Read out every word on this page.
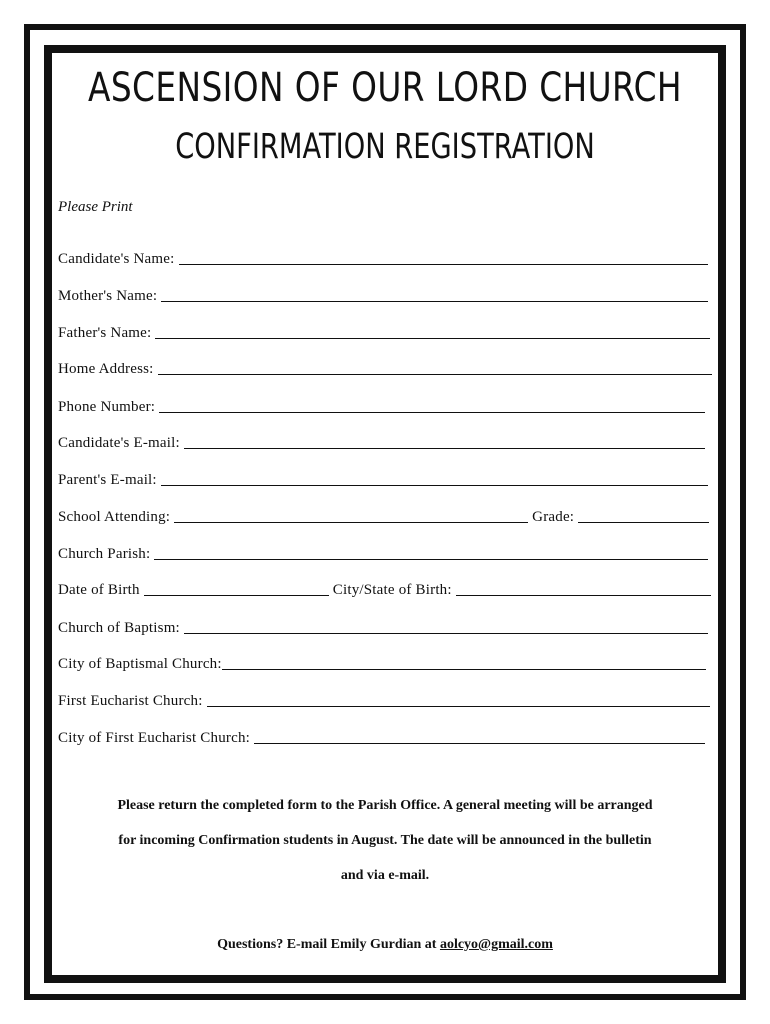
ASCENSION OF OUR LORD CHURCH
CONFIRMATION REGISTRATION
Please Print
Candidate's Name:
Mother's Name:
Father's Name:
Home Address:
Phone Number:
Candidate's E-mail:
Parent's E-mail:
School Attending:	Grade:
Church Parish:
Date of Birth	City/State of Birth:
Church of Baptism:
City of Baptismal Church:
First Eucharist Church:
City of First Eucharist Church:
Please return the completed form to the Parish Office. A general meeting will be arranged
for incoming Confirmation students in August. The date will be announced in the bulletin
and via e-mail.
Questions? E-mail Emily Gurdian at aolcyo@gmail.com
